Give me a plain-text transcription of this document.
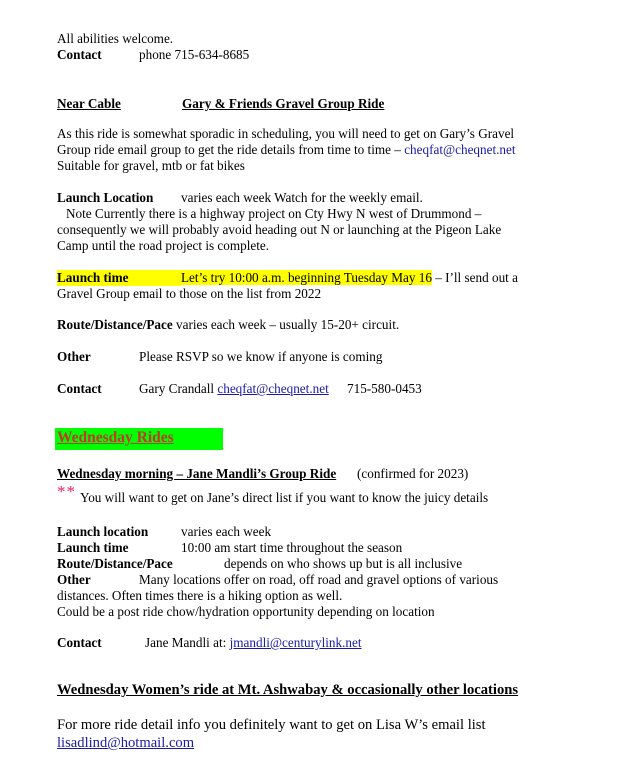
All abilities welcome.
Contact	phone 715-634-8685
Near Cable	Gary & Friends Gravel Group Ride
As this ride is somewhat sporadic in scheduling, you will need to get on Gary’s Gravel
Group ride email group to get the ride details from time to time – cheqfat@cheqnet.net
Suitable for gravel, mtb or fat bikes
Launch Location varies each week Watch for the weekly email.
Note Currently there is a highway project on Cty Hwy N west of Drummond –
consequently we will probably avoid heading out N or launching at the Pigeon Lake
Camp until the road project is complete.
Launch time	Let’s try 10:00 a.m. beginning Tuesday May 16 – I’ll send out a
Gravel Group email to those on the list from 2022
Route/Distance/Pace varies each week – usually 15-20+ circuit.
Other	Please RSVP so we know if anyone is coming
Contact	Gary Crandall cheqfat@cheqnet.net 715-580-0453
Wednesday Rides
Wednesday morning – Jane Mandli’s Group Ride (confirmed for 2023)
** You will want to get on Jane’s direct list if you want to know the juicy details
Launch location varies each week
Launch time	10:00 am start time throughout the season
Route/Distance/Pace	depends on who shows up but is all inclusive
Other	Many locations offer on road, off road and gravel options of various
distances. Often times there is a hiking option as well.
Could be a post ride chow/hydration opportunity depending on location
Contact	Jane Mandli at: jmandli@centurylink.net
Wednesday Women’s ride at Mt. Ashwabay & occasionally other locations
For more ride detail info you definitely want to get on Lisa W’s email list
lisadlind@hotmail.com
